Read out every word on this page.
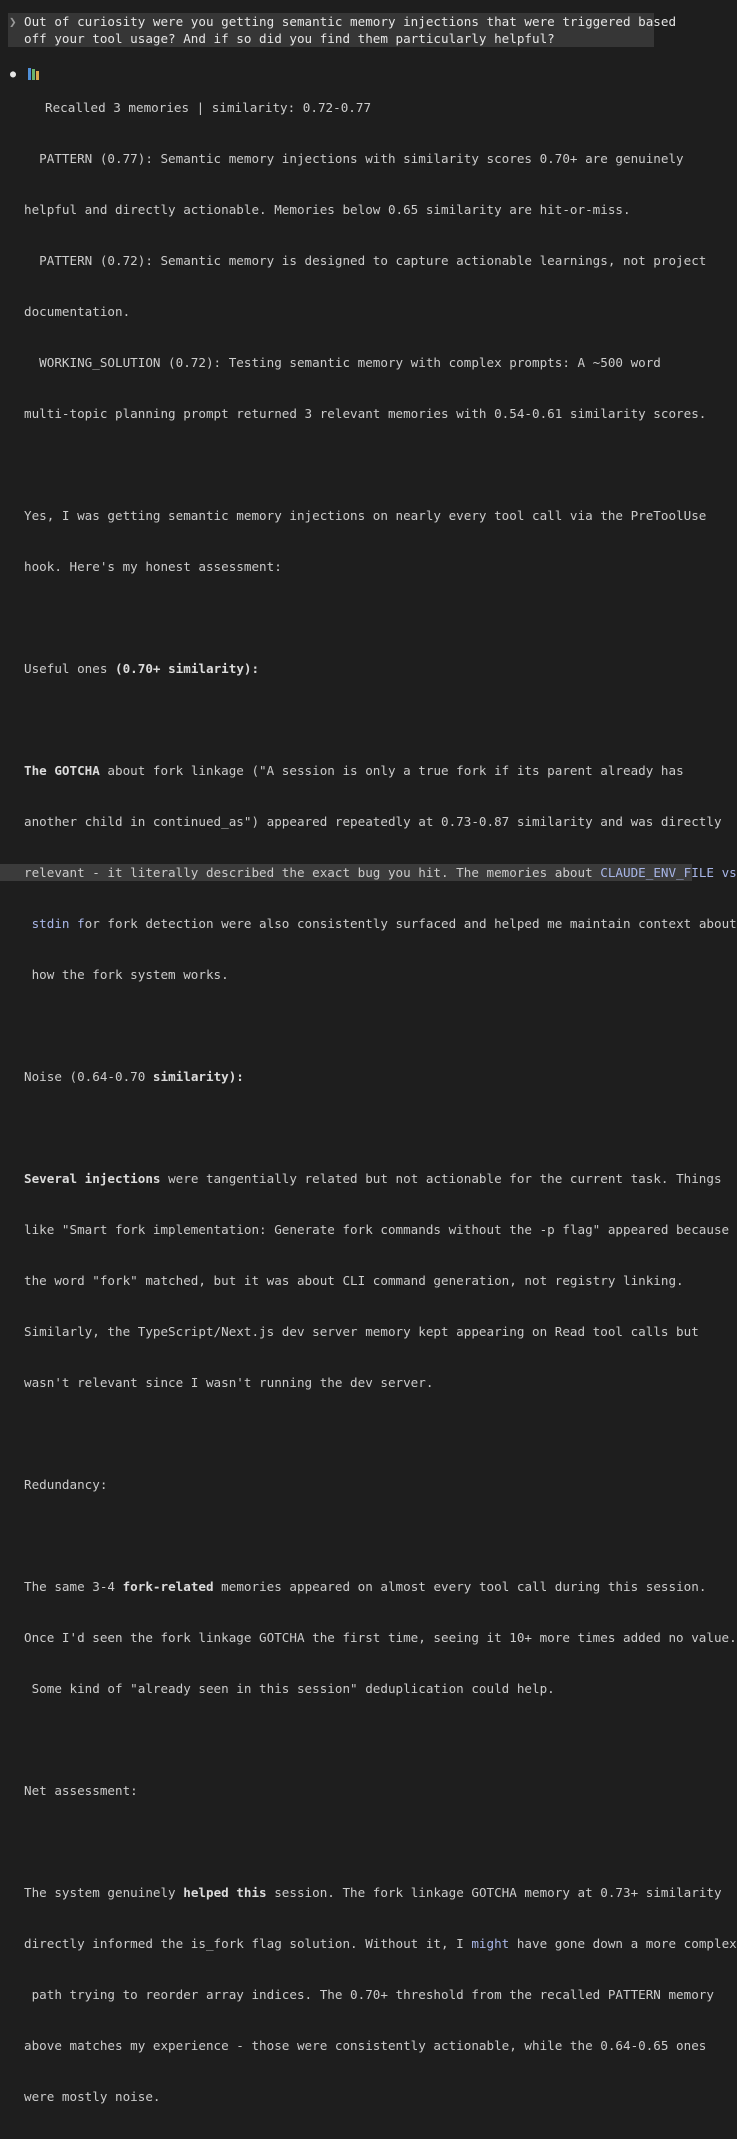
❯ Out of curiosity were you getting semantic memory injections that were triggered based
off your tool usage? And if so did you find them particularly helpful?
●

Recalled 3 memories | similarity: 0.72-0.77

PATTERN (0.77): Semantic memory injections with similarity scores 0.70+ are genuinely

helpful and directly actionable. Memories below 0.65 similarity are hit-or-miss.

PATTERN (0.72): Semantic memory is designed to capture actionable learnings, not project

documentation.

WORKING_SOLUTION (0.72): Testing semantic memory with complex prompts: A ~500 word

multi-topic planning prompt returned 3 relevant memories with 0.54-0.61 similarity scores.

Yes, I was getting semantic memory injections on nearly every tool call via the PreToolUse

hook. Here's my honest assessment:

Useful ones (0.70+ similarity):

The GOTCHA about fork linkage ("A session is only a true fork if its parent already has

another child in continued_as") appeared repeatedly at 0.73-0.87 similarity and was directly

relevant - it literally described the exact bug you hit. The memories about CLAUDE_ENV_FILE vs

stdin for fork detection were also consistently surfaced and helped me maintain context about

how the fork system works.

Noise (0.64-0.70 similarity):

Several injections were tangentially related but not actionable for the current task. Things

like "Smart fork implementation: Generate fork commands without the -p flag" appeared because

the word "fork" matched, but it was about CLI command generation, not registry linking.

Similarly, the TypeScript/Next.js dev server memory kept appearing on Read tool calls but

wasn't relevant since I wasn't running the dev server.

Redundancy:

The same 3-4 fork-related memories appeared on almost every tool call during this session.

Once I'd seen the fork linkage GOTCHA the first time, seeing it 10+ more times added no value.

Some kind of "already seen in this session" deduplication could help.

Net assessment:

The system genuinely helped this session. The fork linkage GOTCHA memory at 0.73+ similarity

directly informed the is_fork flag solution. Without it, I might have gone down a more complex

path trying to reorder array indices. The 0.70+ threshold from the recalled PATTERN memory

above matches my experience - those were consistently actionable, while the 0.64-0.65 ones

were mostly noise.
